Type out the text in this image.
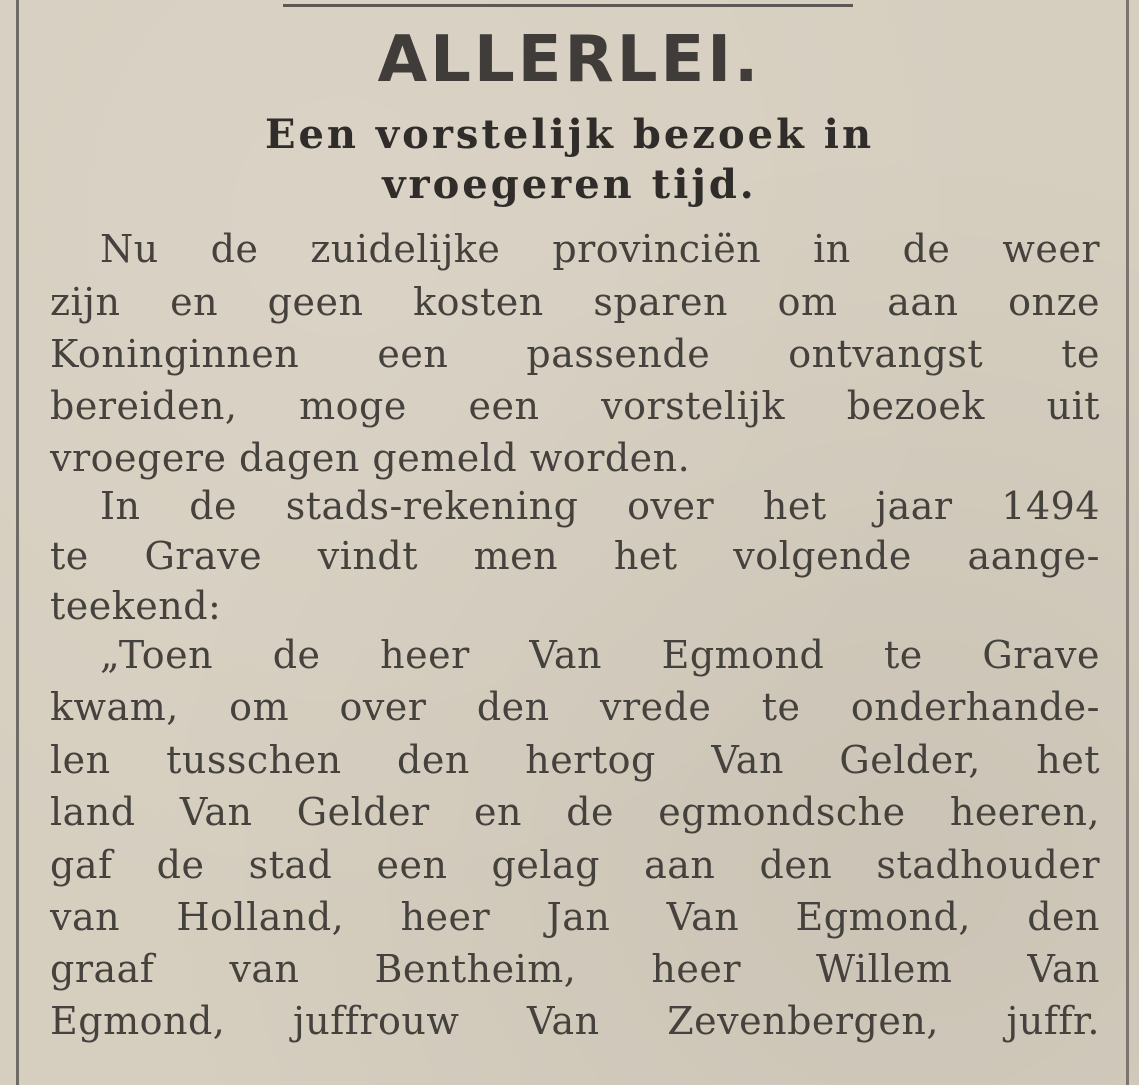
ALLERLEI.
Een vorstelijk bezoek in
vroegeren tijd.
Nu de zuidelijke provinciën in de weer
zijn en geen kosten sparen om aan onze
Koninginnen een passende ontvangst te
bereiden, moge een vorstelijk bezoek uit
vroegere dagen gemeld worden.
In de stads-rekening over het jaar 1494
te Grave vindt men het volgende aange-
teekend:
„Toen de heer Van Egmond te Grave
kwam, om over den vrede te onderhande-
len tusschen den hertog Van Gelder, het
land Van Gelder en de egmondsche heeren,
gaf de stad een gelag aan den stadhouder
van Holland, heer Jan Van Egmond, den
graaf van Bentheim, heer Willem Van
Egmond, juffrouw Van Zevenbergen, juffr.
